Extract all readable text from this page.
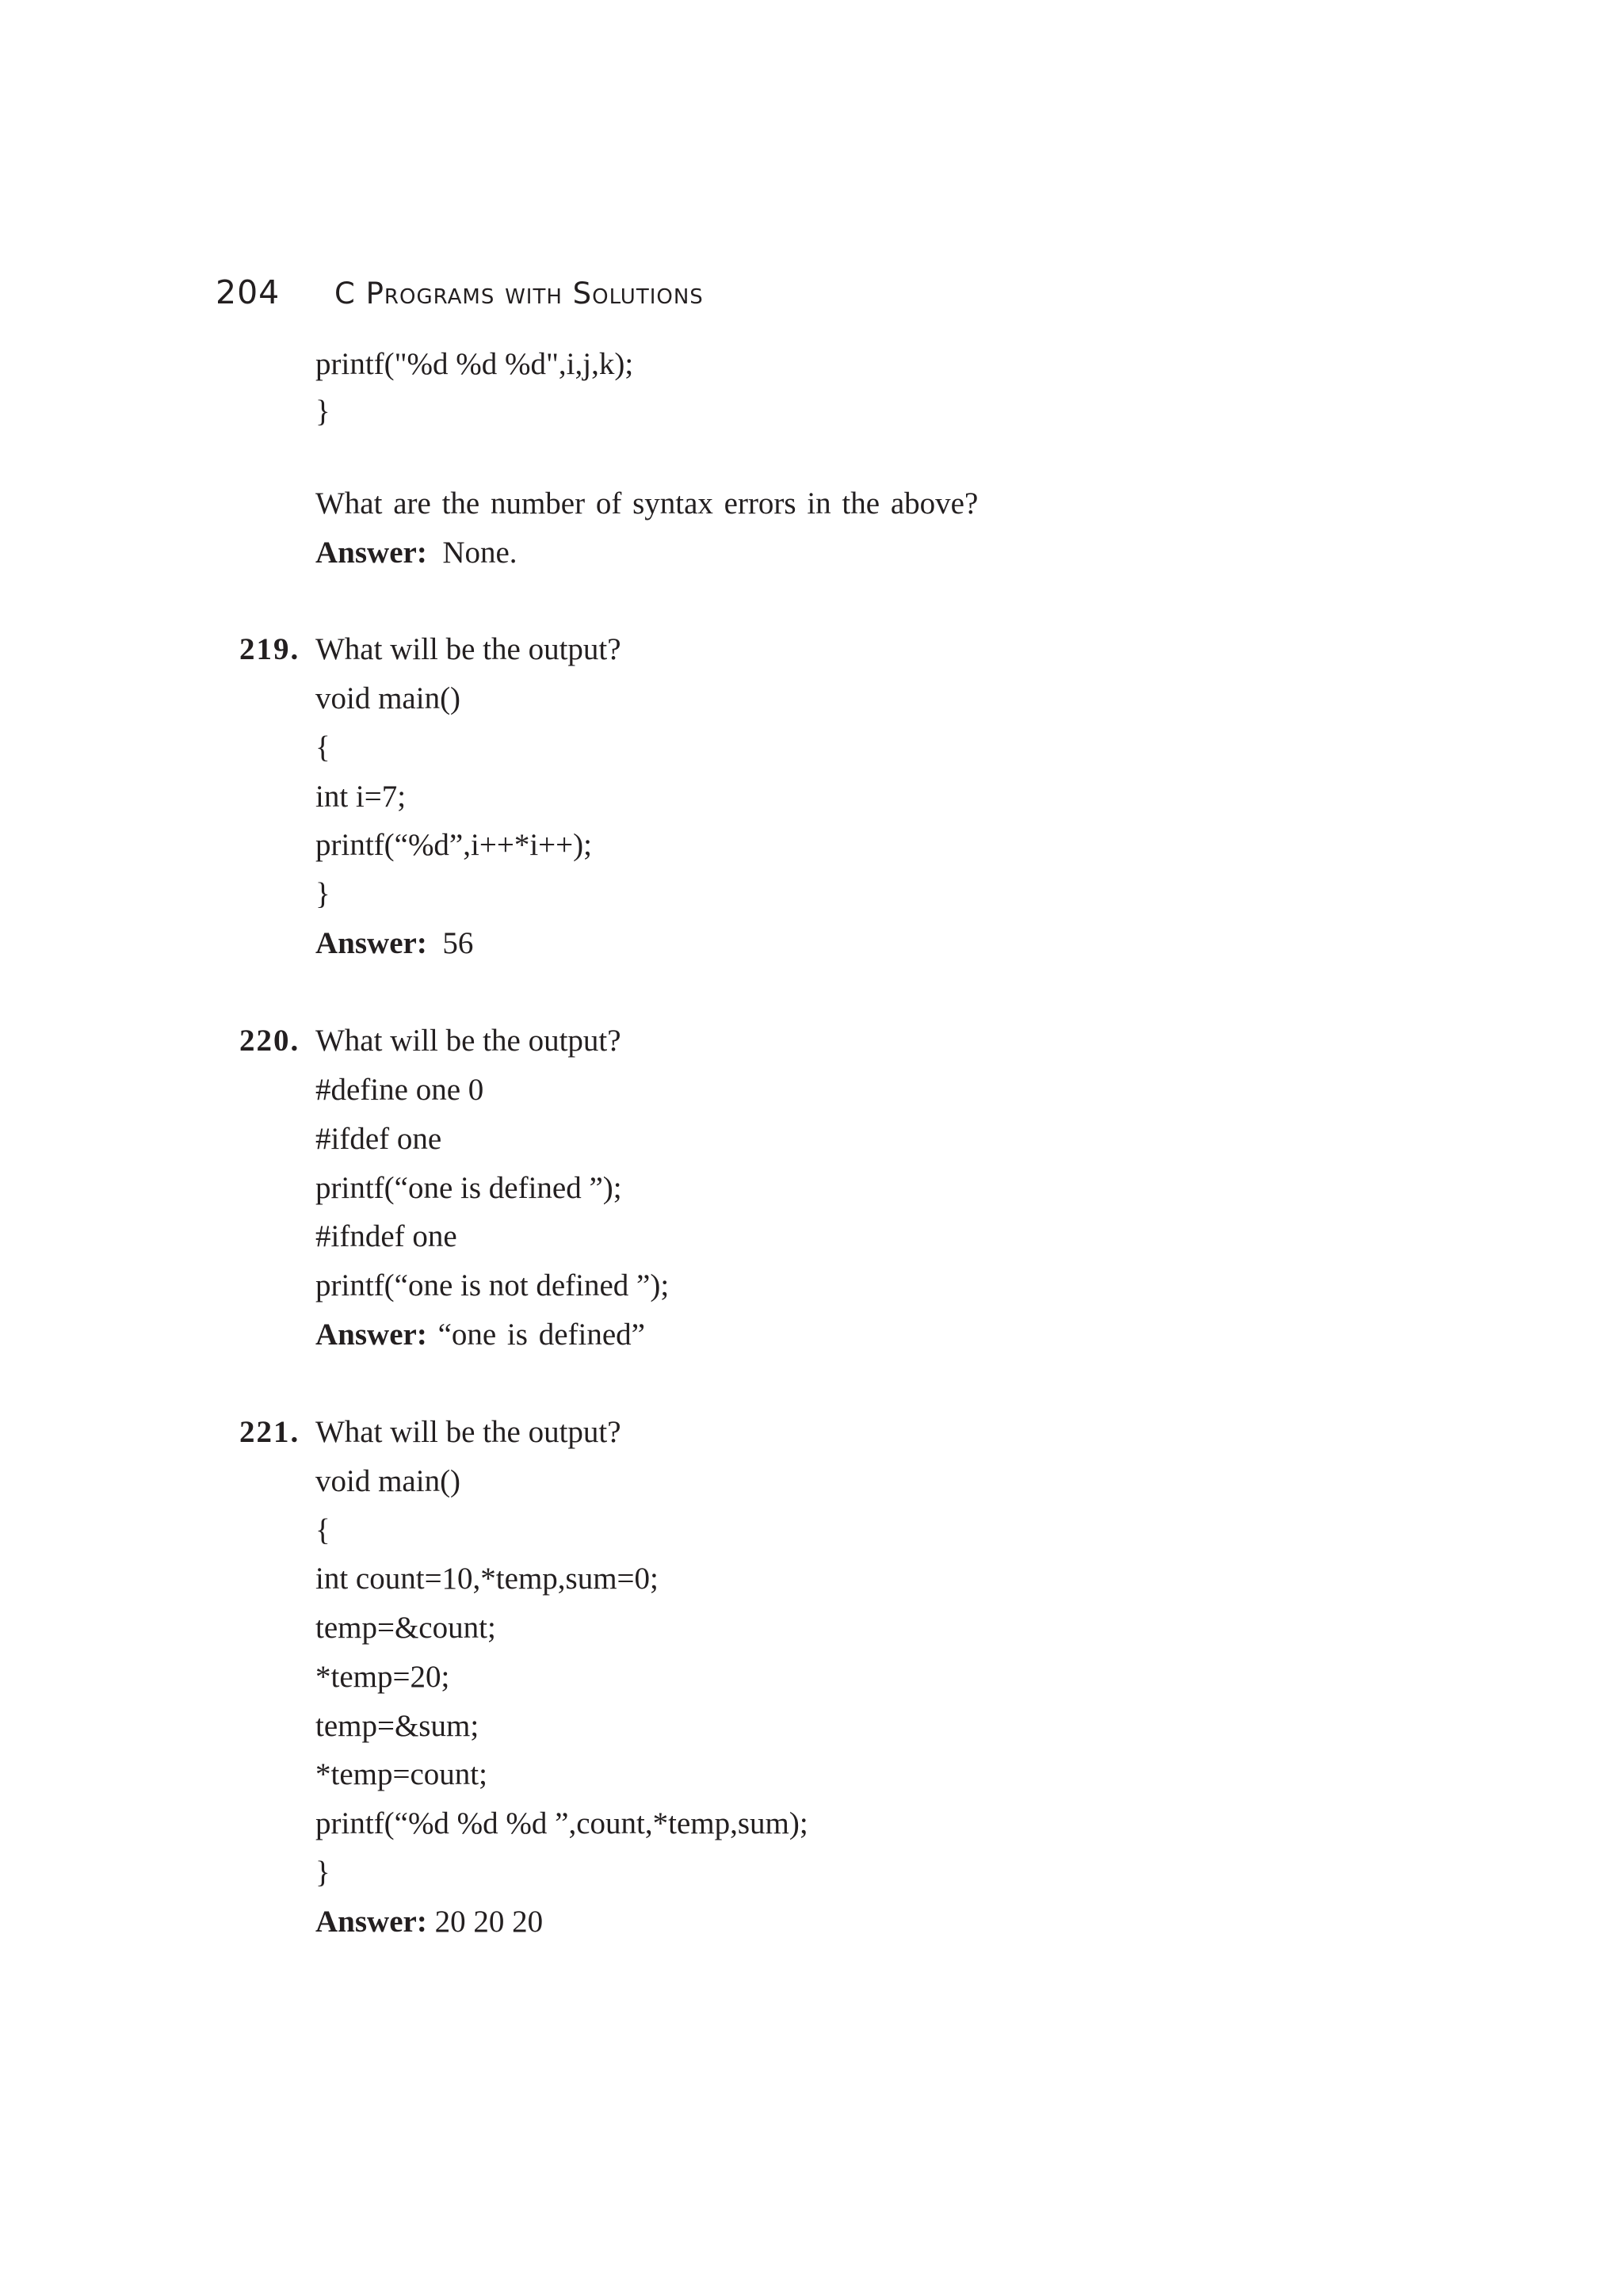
204	C Programs with Solutions
printf("%d %d %d",i,j,k);
}
What are the number of syntax errors in the above?
Answer: None.
219. What will be the output?
void main()
{
int i=7;
printf(“%d”,i++*i++);
}
Answer: 56
220. What will be the output?
#define one 0
#ifdef one
printf(“one is defined ”);
#ifndef one
printf(“one is not defined ”);
Answer: “one is defined”
221. What will be the output?
void main()
{
int count=10,*temp,sum=0;
temp=&count;
*temp=20;
temp=&sum;
*temp=count;
printf(“%d %d %d ”,count,*temp,sum);
}
Answer: 20 20 20
